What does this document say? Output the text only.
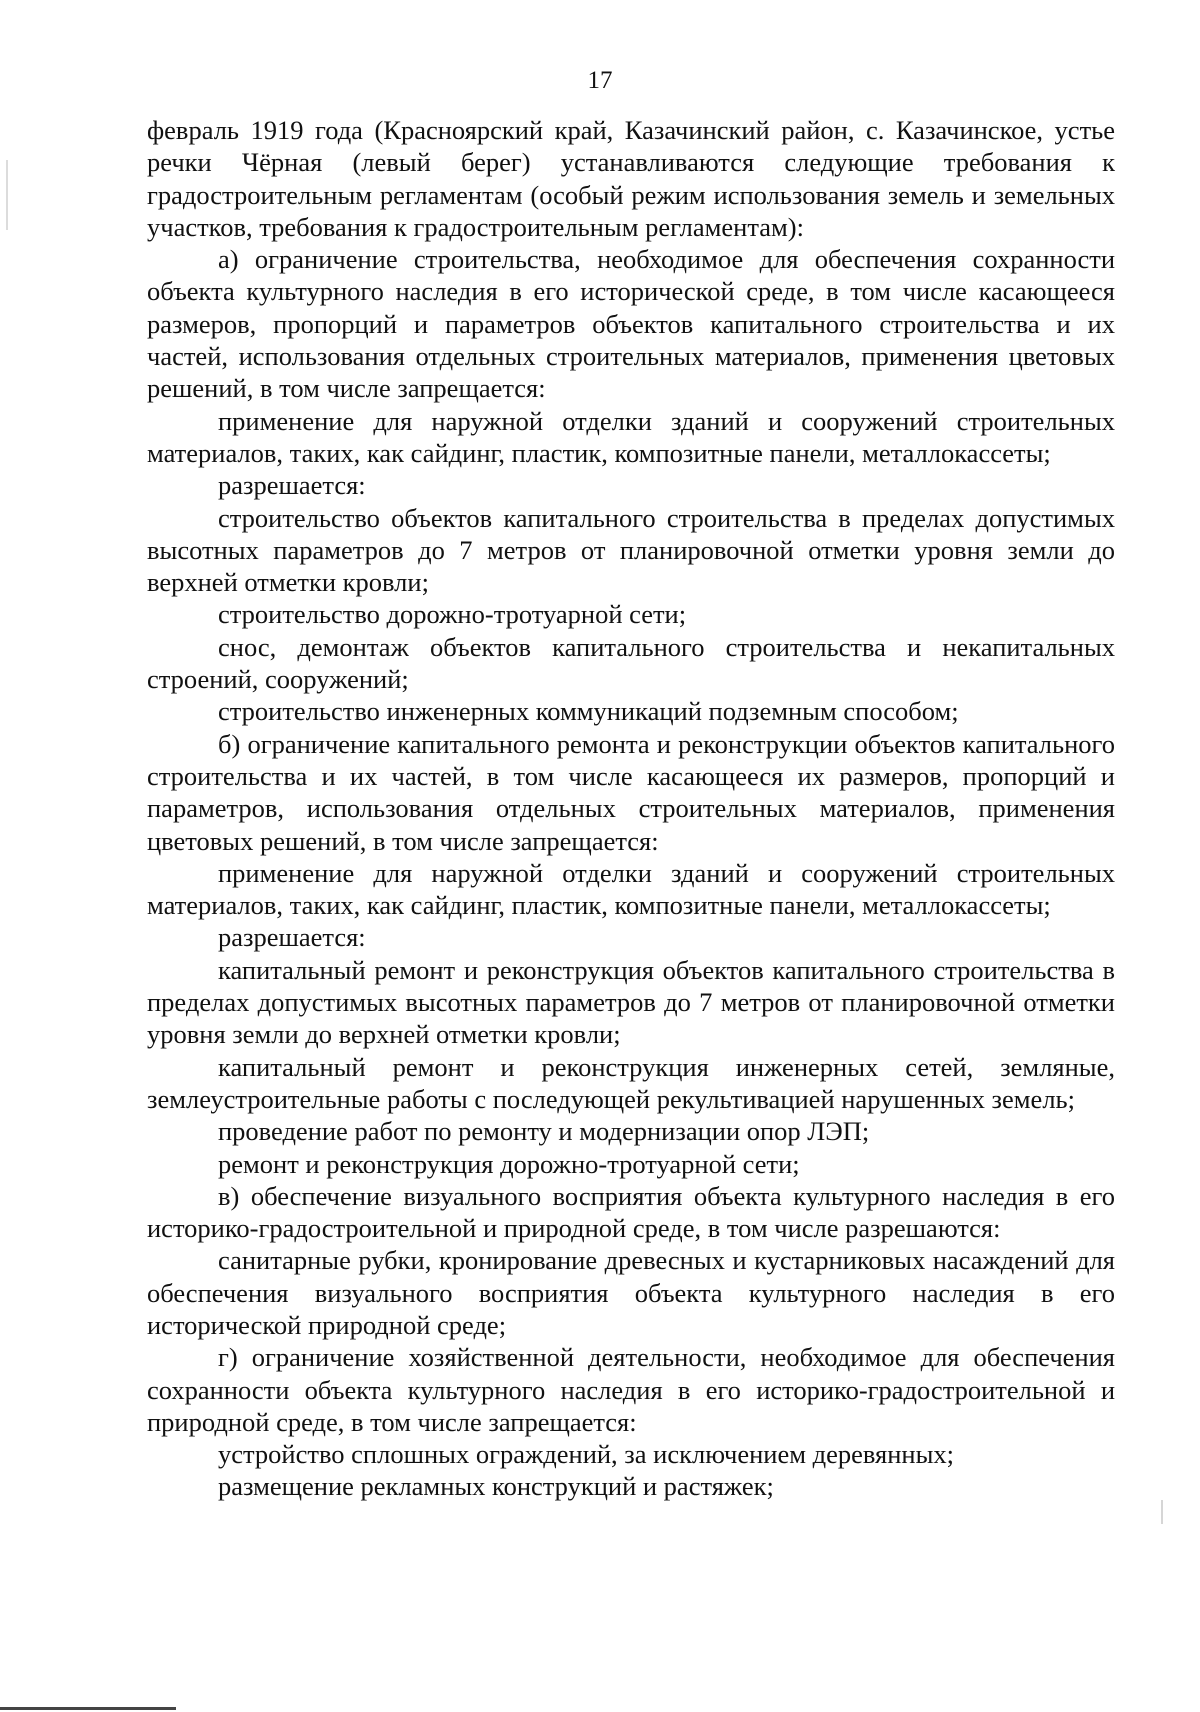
17

февраль 1919 года (Красноярский край, Казачинский район, с. Казачинское, устье речки Чёрная (левый берег) устанавливаются следующие требования к градостроительным регламентам (особый режим использования земель и земельных участков, требования к градостроительным регламентам):

а) ограничение строительства, необходимое для обеспечения сохранности объекта культурного наследия в его исторической среде, в том числе касающееся размеров, пропорций и параметров объектов капитального строительства и их частей, использования отдельных строительных материалов, применения цветовых решений, в том числе запрещается:

применение для наружной отделки зданий и сооружений строительных материалов, таких, как сайдинг, пластик, композитные панели, металлокассеты;

разрешается:

строительство объектов капитального строительства в пределах допустимых высотных параметров до 7 метров от планировочной отметки уровня земли до верхней отметки кровли;

строительство дорожно-тротуарной сети;

снос, демонтаж объектов капитального строительства и некапитальных строений, сооружений;

строительство инженерных коммуникаций подземным способом;

б) ограничение капитального ремонта и реконструкции объектов капитального строительства и их частей, в том числе касающееся их размеров, пропорций и параметров, использования отдельных строительных материалов, применения цветовых решений, в том числе запрещается:

применение для наружной отделки зданий и сооружений строительных материалов, таких, как сайдинг, пластик, композитные панели, металлокассеты;

разрешается:

капитальный ремонт и реконструкция объектов капитального строительства в пределах допустимых высотных параметров до 7 метров от планировочной отметки уровня земли до верхней отметки кровли;

капитальный ремонт и реконструкция инженерных сетей, земляные, землеустроительные работы с последующей рекультивацией нарушенных земель;

проведение работ по ремонту и модернизации опор ЛЭП;

ремонт и реконструкция дорожно-тротуарной сети;

в) обеспечение визуального восприятия объекта культурного наследия в его историко-градостроительной и природной среде, в том числе разрешаются:

санитарные рубки, кронирование древесных и кустарниковых насаждений для обеспечения визуального восприятия объекта культурного наследия в его исторической природной среде;

г) ограничение хозяйственной деятельности, необходимое для обеспечения сохранности объекта культурного наследия в его историко-градостроительной и природной среде, в том числе запрещается:

устройство сплошных ограждений, за исключением деревянных;

размещение рекламных конструкций и растяжек;
